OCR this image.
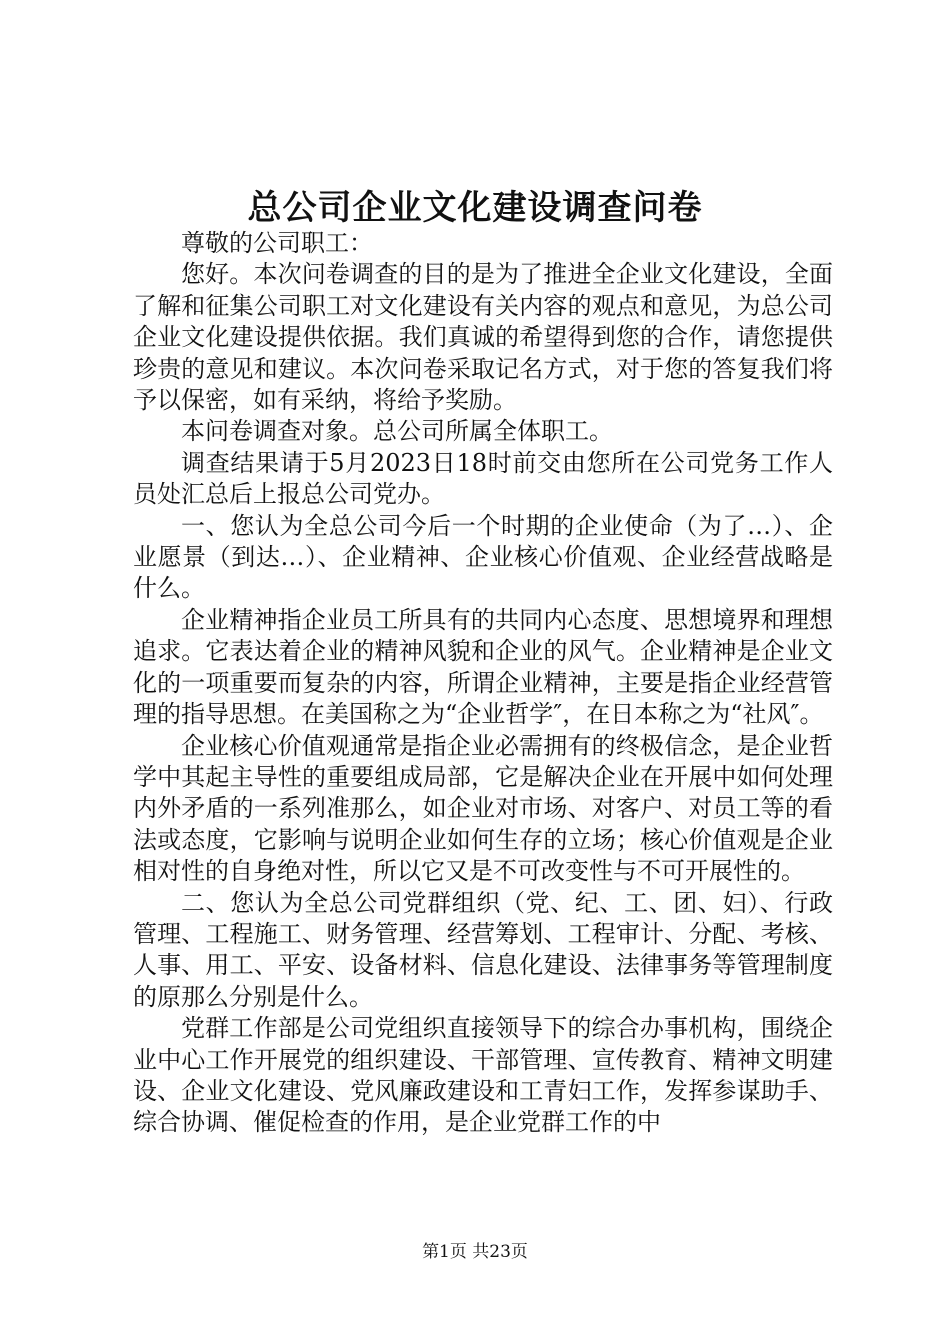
总公司企业文化建设调查问卷

尊敬的公司职工：

您好。本次问卷调查的目的是为了推进全企业文化建设，全面了解和征集公司职工对文化建设有关内容的观点和意见，为总公司企业文化建设提供依据。我们真诚的希望得到您的合作，请您提供珍贵的意见和建议。本次问卷采取记名方式，对于您的答复我们将予以保密，如有采纳，将给予奖励。

本问卷调查对象。总公司所属全体职工。

调查结果请于5月2023日18时前交由您所在公司党务工作人员处汇总后上报总公司党办。

一、您认为全总公司今后一个时期的企业使命（为了…）、企业愿景（到达…）、企业精神、企业核心价值观、企业经营战略是什么。

企业精神指企业员工所具有的共同内心态度、思想境界和理想追求。它表达着企业的精神风貌和企业的风气。企业精神是企业文化的一项重要而复杂的内容，所谓企业精神，主要是指企业经营管理的指导思想。在美国称之为“企业哲学″，在日本称之为“社风″。

企业核心价值观通常是指企业必需拥有的终极信念，是企业哲学中其起主导性的重要组成局部，它是解决企业在开展中如何处理内外矛盾的一系列准那么，如企业对市场、对客户、对员工等的看法或态度，它影响与说明企业如何生存的立场；核心价值观是企业相对性的自身绝对性，所以它又是不可改变性与不可开展性的。

二、您认为全总公司党群组织（党、纪、工、团、妇）、行政管理、工程施工、财务管理、经营筹划、工程审计、分配、考核、人事、用工、平安、设备材料、信息化建设、法律事务等管理制度的原那么分别是什么。

党群工作部是公司党组织直接领导下的综合办事机构，围绕企业中心工作开展党的组织建设、干部管理、宣传教育、精神文明建设、企业文化建设、党风廉政建设和工青妇工作，发挥参谋助手、综合协调、催促检查的作用，是企业党群工作的中

第1页 共23页
